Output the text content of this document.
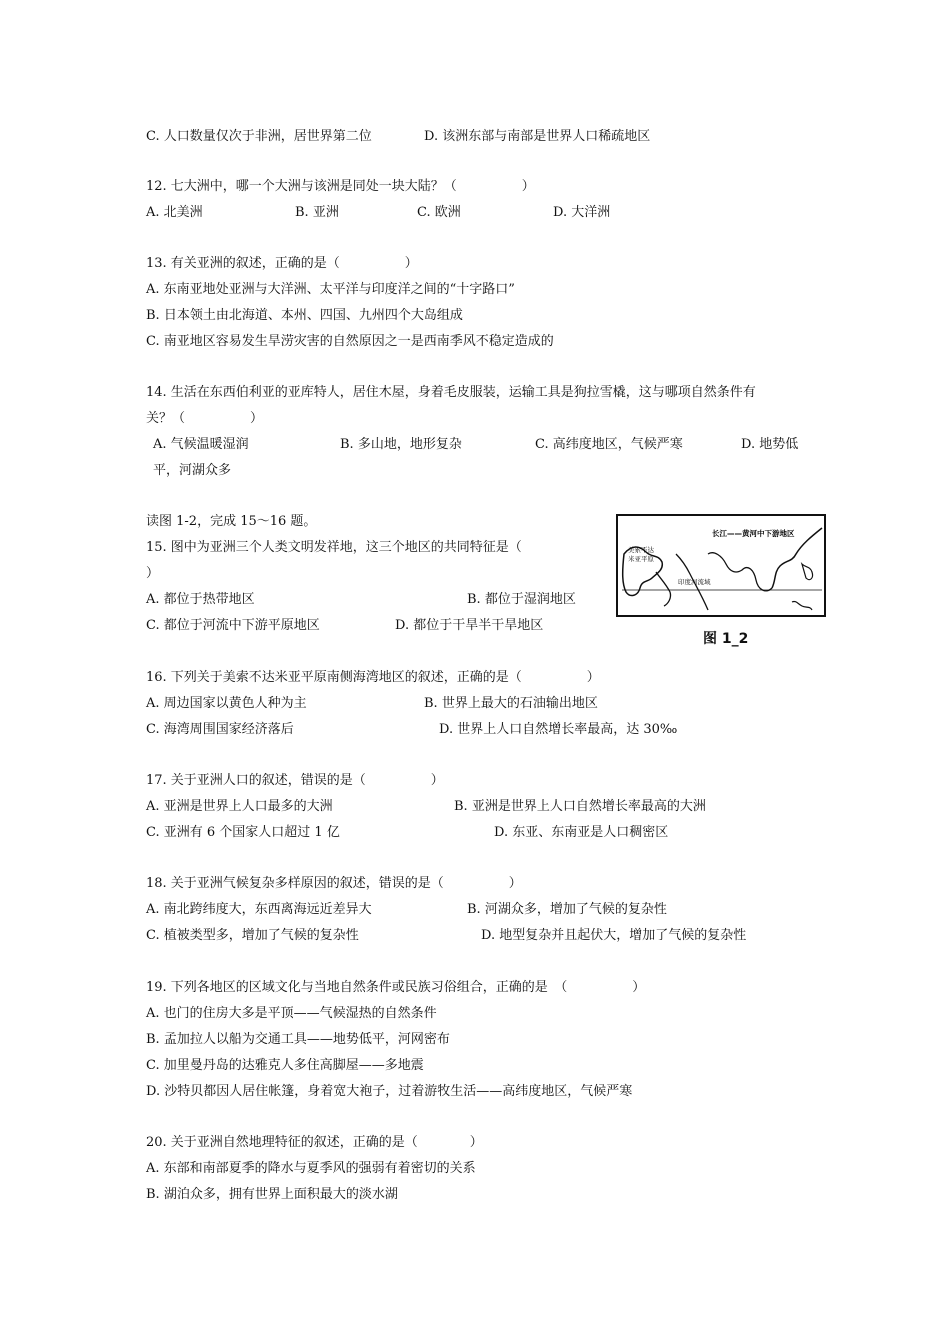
C. 人口数量仅次于非洲，居世界第二位	D. 该洲东部与南部是世界人口稀疏地区
12. 七大洲中，哪一个大洲与该洲是同处一块大陆？（　　　　　）
A. 北美洲	B. 亚洲	C. 欧洲	D. 大洋洲
13. 有关亚洲的叙述，正确的是（　　　　　）
A. 东南亚地处亚洲与大洋洲、太平洋与印度洋之间的“十字路口”
B. 日本领土由北海道、本州、四国、九州四个大岛组成
C. 南亚地区容易发生旱涝灾害的自然原因之一是西南季风不稳定造成的
14. 生活在东西伯利亚的亚库特人，居住木屋，身着毛皮服装，运输工具是狗拉雪橇，这与哪项自然条件有
关？（　　　　　）
A. 气候温暖湿润	B. 多山地，地形复杂	C. 高纬度地区，气候严寒	D. 地势低
平，河湖众多
读图 1-2，完成 15～16 题。
15. 图中为亚洲三个人类文明发祥地，这三个地区的共同特征是（
）
A. 都位于热带地区	B. 都位于湿润地区
C. 都位于河流中下游平原地区	D. 都位于干旱半干旱地区
16. 下列关于美索不达米亚平原南侧海湾地区的叙述，正确的是（　　　　　）
A. 周边国家以黄色人种为主	B. 世界上最大的石油输出地区
C. 海湾周围国家经济落后	D. 世界上人口自然增长率最高，达 30‰
17. 关于亚洲人口的叙述，错误的是（　　　　　）
A. 亚洲是世界上人口最多的大洲	B. 亚洲是世界上人口自然增长率最高的大洲
C. 亚洲有 6 个国家人口超过 1 亿	D. 东亚、东南亚是人口稠密区
18. 关于亚洲气候复杂多样原因的叙述，错误的是（　　　　　）
A. 南北跨纬度大，东西离海远近差异大	B. 河湖众多，增加了气候的复杂性
C. 植被类型多，增加了气候的复杂性	D. 地型复杂并且起伏大，增加了气候的复杂性
19. 下列各地区的区域文化与当地自然条件或民族习俗组合，正确的是　（　　　　　）
A. 也门的住房大多是平顶——气候湿热的自然条件
B. 孟加拉人以船为交通工具——地势低平，河网密布
C. 加里曼丹岛的达雅克人多住高脚屋——多地震
D. 沙特贝都因人居住帐篷，身着宽大袍子，过着游牧生活——高纬度地区，气候严寒
20. 关于亚洲自然地理特征的叙述，正确的是（　　　　）
A. 东部和南部夏季的降水与夏季风的强弱有着密切的关系
B. 湖泊众多，拥有世界上面积最大的淡水湖
长江——黄河中下游地区
美索不达
米亚平原
印度河流域
图 1_2
